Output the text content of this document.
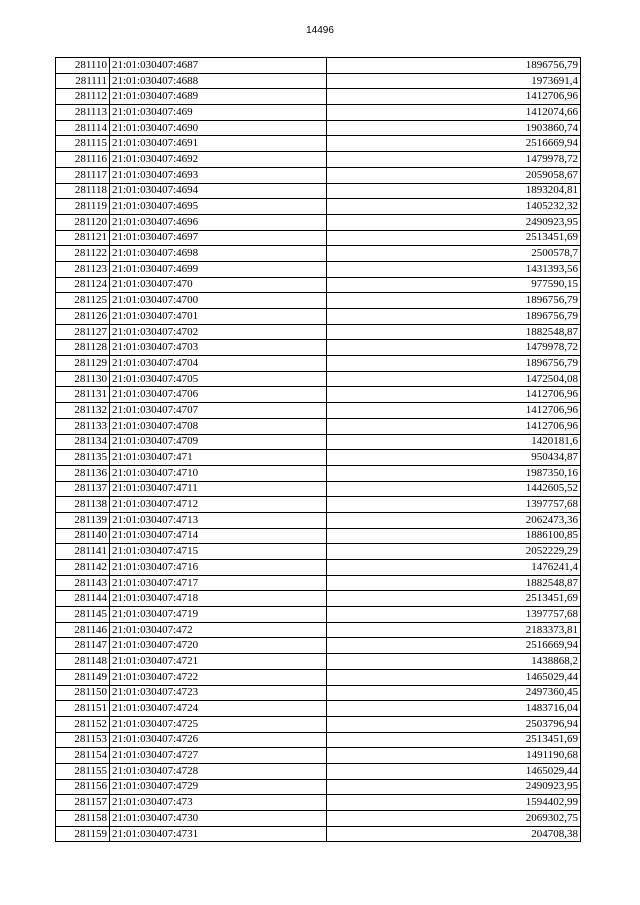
14496
281110	21:01:030407:4687	1896756,79
281111	21:01:030407:4688	1973691,4
281112	21:01:030407:4689	1412706,96
281113	21:01:030407:469	1412074,66
281114	21:01:030407:4690	1903860,74
281115	21:01:030407:4691	2516669,94
281116	21:01:030407:4692	1479978,72
281117	21:01:030407:4693	2059058,67
281118	21:01:030407:4694	1893204,81
281119	21:01:030407:4695	1405232,32
281120	21:01:030407:4696	2490923,95
281121	21:01:030407:4697	2513451,69
281122	21:01:030407:4698	2500578,7
281123	21:01:030407:4699	1431393,56
281124	21:01:030407:470	977590,15
281125	21:01:030407:4700	1896756,79
281126	21:01:030407:4701	1896756,79
281127	21:01:030407:4702	1882548,87
281128	21:01:030407:4703	1479978,72
281129	21:01:030407:4704	1896756,79
281130	21:01:030407:4705	1472504,08
281131	21:01:030407:4706	1412706,96
281132	21:01:030407:4707	1412706,96
281133	21:01:030407:4708	1412706,96
281134	21:01:030407:4709	1420181,6
281135	21:01:030407:471	950434,87
281136	21:01:030407:4710	1987350,16
281137	21:01:030407:4711	1442605,52
281138	21:01:030407:4712	1397757,68
281139	21:01:030407:4713	2062473,36
281140	21:01:030407:4714	1886100,85
281141	21:01:030407:4715	2052229,29
281142	21:01:030407:4716	1476241,4
281143	21:01:030407:4717	1882548,87
281144	21:01:030407:4718	2513451,69
281145	21:01:030407:4719	1397757,68
281146	21:01:030407:472	2183373,81
281147	21:01:030407:4720	2516669,94
281148	21:01:030407:4721	1438868,2
281149	21:01:030407:4722	1465029,44
281150	21:01:030407:4723	2497360,45
281151	21:01:030407:4724	1483716,04
281152	21:01:030407:4725	2503796,94
281153	21:01:030407:4726	2513451,69
281154	21:01:030407:4727	1491190,68
281155	21:01:030407:4728	1465029,44
281156	21:01:030407:4729	2490923,95
281157	21:01:030407:473	1594402,99
281158	21:01:030407:4730	2069302,75
281159	21:01:030407:4731	204708,38
